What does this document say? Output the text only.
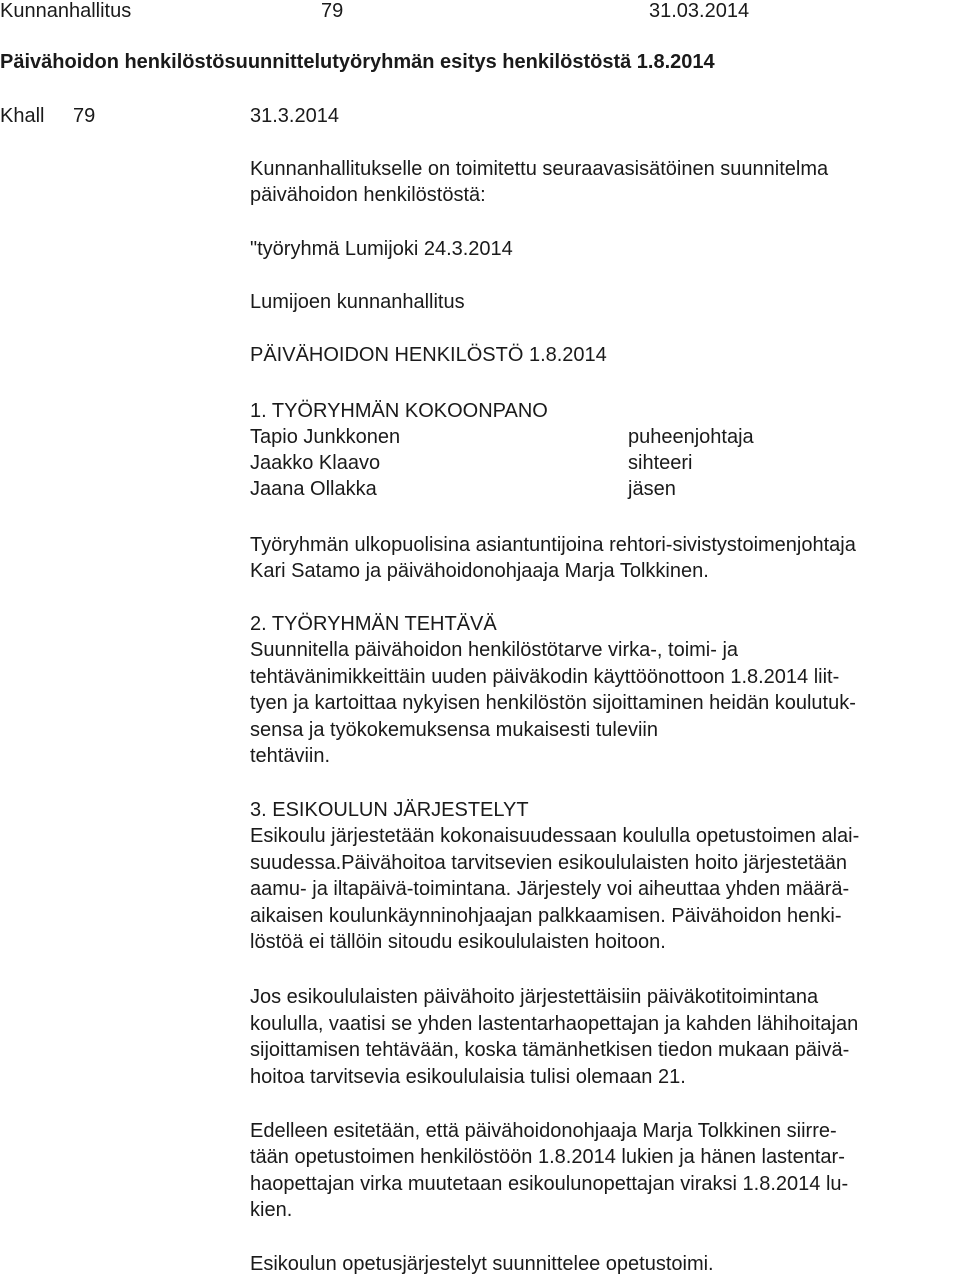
Kunnanhallitus	79	31.03.2014
Päivähoidon henkilöstösuunnittelutyöryhmän esitys henkilöstöstä 1.8.2014
Khall 79	31.3.2014
Kunnanhallitukselle on toimitettu seuraavasisätöinen suunnitelma
päivähoidon henkilöstöstä:
"työryhmä Lumijoki 24.3.2014
Lumijoen kunnanhallitus
PÄIVÄHOIDON HENKILÖSTÖ 1.8.2014
1. TYÖRYHMÄN KOKOONPANO
Tapio Junkkonen	puheenjohtaja
Jaakko Klaavo	sihteeri
Jaana Ollakka	jäsen
Työryhmän ulkopuolisina asiantuntijoina rehtori-sivistystoimenjohtaja
Kari Satamo ja päivähoidonohjaaja Marja Tolkkinen.
2. TYÖRYHMÄN TEHTÄVÄ
Suunnitella päivähoidon henkilöstötarve virka-, toimi- ja
tehtävänimikkeittäin uuden päiväkodin käyttöönottoon 1.8.2014 liit-
tyen ja kartoittaa nykyisen henkilöstön sijoittaminen heidän koulutuk-
sensa ja työkokemuksensa mukaisesti tuleviin
tehtäviin.
3. ESIKOULUN JÄRJESTELYT
Esikoulu järjestetään kokonaisuudessaan koululla opetustoimen alai-
suudessa.Päivähoitoa tarvitsevien esikoululaisten hoito järjestetään
aamu- ja iltapäivä-toimintana. Järjestely voi aiheuttaa yhden määrä-
aikaisen koulunkäynninohjaajan palkkaamisen. Päivähoidon henki-
löstöä ei tällöin sitoudu esikoululaisten hoitoon.
Jos esikoululaisten päivähoito järjestettäisiin päiväkotitoimintana
koululla, vaatisi se yhden lastentarhaopettajan ja kahden lähihoitajan
sijoittamisen tehtävään, koska tämänhetkisen tiedon mukaan päivä-
hoitoa tarvitsevia esikoululaisia tulisi olemaan 21.
Edelleen esitetään, että päivähoidonohjaaja Marja Tolkkinen siirre-
tään opetustoimen henkilöstöön 1.8.2014 lukien ja hänen lastentar-
haopettajan virka muutetaan esikoulunopettajan viraksi 1.8.2014 lu-
kien.
Esikoulun opetusjärjestelyt suunnittelee opetustoimi.
